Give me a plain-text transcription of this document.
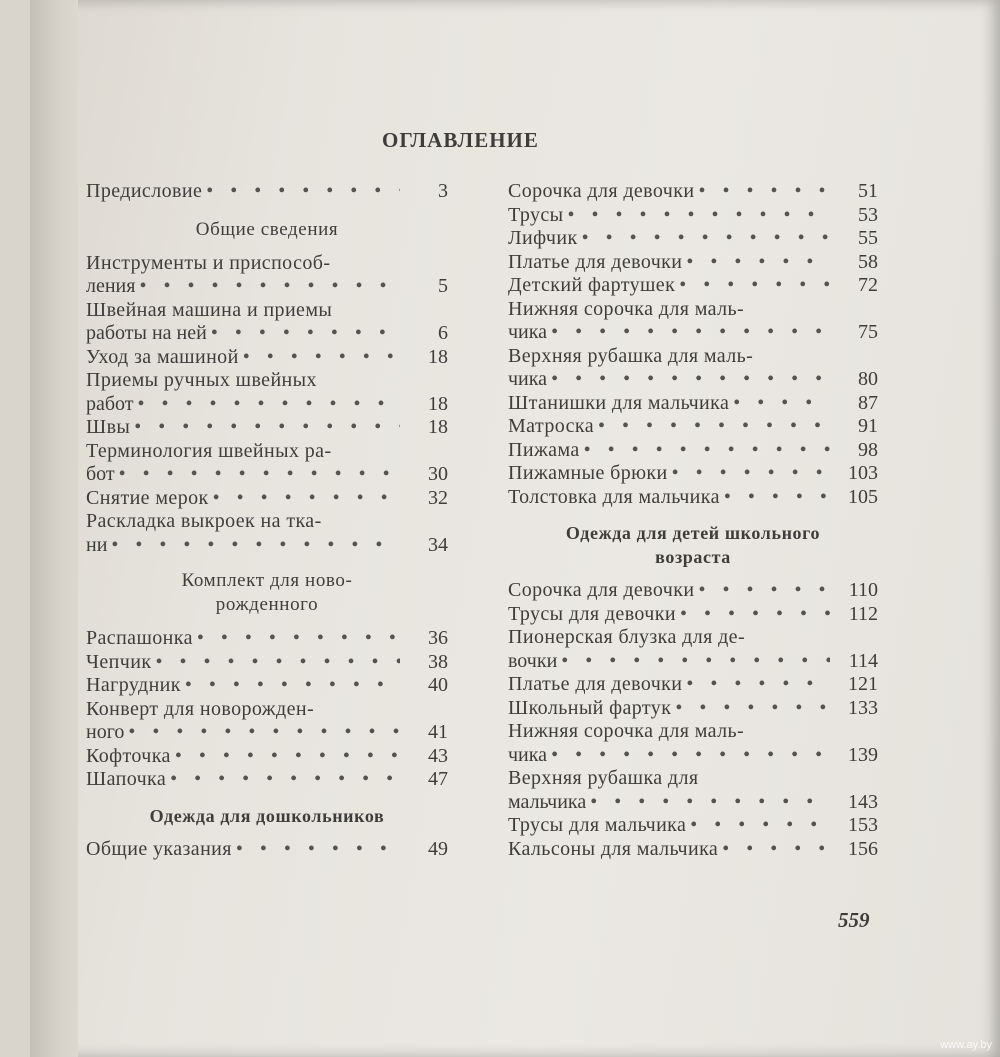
ОГЛАВЛЕНИЕ
Предисловие • • •	3
Общие сведения
Инструменты и приспособ-
ления • • •	5
Швейная машина и приемы
работы на ней • • •	6
Уход за машиной • • •	18
Приемы ручных швейных
работ • • •	18
Швы • • •	18
Терминология швейных ра-
бот • • •	30
Снятие мерок • • •	32
Раскладка выкроек на тка-
ни • • •	34
Комплект для ново-
рожденного
Распашонка • • •	36
Чепчик • • •	38
Нагрудник • • •	40
Конверт для новорожден-
ного • • •	41
Кофточка • • •	43
Шапочка • • •	47
Одежда для дошкольников
Общие указания • • •	49
Сорочка для девочки • • •	51
Трусы • • •	53
Лифчик • • •	55
Платье для девочки • • •	58
Детский фартушек • • •	72
Нижняя сорочка для маль-
чика • • •	75
Верхняя рубашка для маль-
чика • • •	80
Штанишки для мальчика • • •	87
Матроска • • •	91
Пижама • • •	98
Пижамные брюки • • •	103
Толстовка для мальчика • • •	105
Одежда для детей школьного
возраста
Сорочка для девочки • • •	110
Трусы для девочки • • •	112
Пионерская блузка для де-
вочки • • •	114
Платье для девочки • • •	121
Школьный фартук • • •	133
Нижняя сорочка для маль-
чика • • •	139
Верхняя рубашка для
мальчика • • •	143
Трусы для мальчика • • •	153
Кальсоны для мальчика • • •	156
559
www.ay.by
